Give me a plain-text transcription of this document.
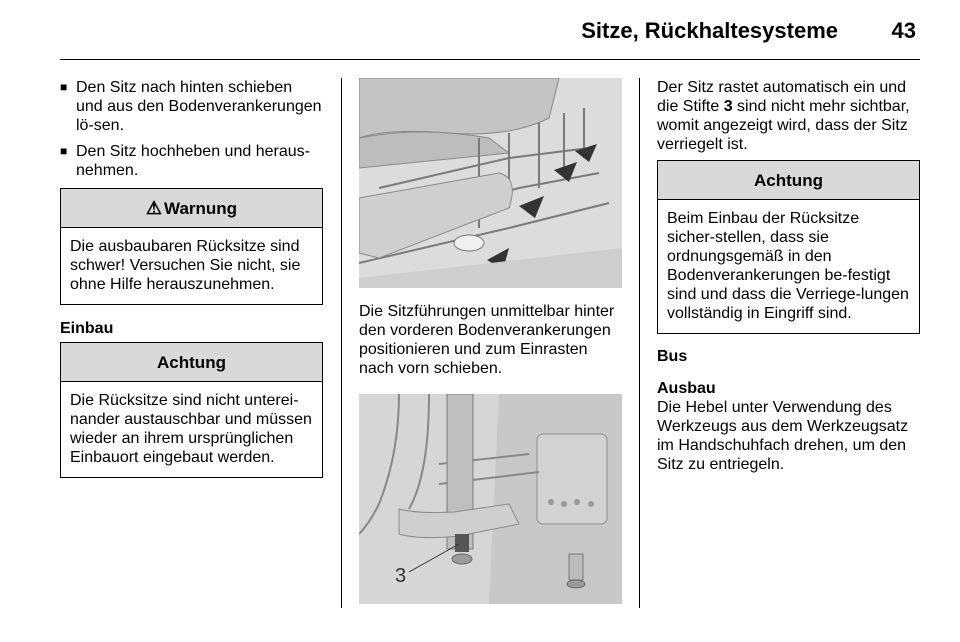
Sitze, Rückhaltesysteme 43
■ Den Sitz nach hinten schieben und aus den Bodenverankerungen lö-sen.
■ Den Sitz hochheben und heraus-nehmen.
⚠ Warnung
Die ausbaubaren Rücksitze sind schwer! Versuchen Sie nicht, sie ohne Hilfe herauszunehmen.
Einbau
Achtung
Die Rücksitze sind nicht unterei-nander austauschbar und müssen wieder an ihrem ursprünglichen Einbauort eingebaut werden.
Die Sitzführungen unmittelbar hinter den vorderen Bodenverankerungen positionieren und zum Einrasten nach vorn schieben.
3
Der Sitz rastet automatisch ein und die Stifte 3 sind nicht mehr sichtbar, womit angezeigt wird, dass der Sitz verriegelt ist.
Achtung
Beim Einbau der Rücksitze sicher-stellen, dass sie ordnungsgemäß in den Bodenverankerungen be-festigt sind und dass die Verriege-lungen vollständig in Eingriff sind.
Bus
Ausbau
Die Hebel unter Verwendung des Werkzeugs aus dem Werkzeugsatz im Handschuhfach drehen, um den Sitz zu entriegeln.
